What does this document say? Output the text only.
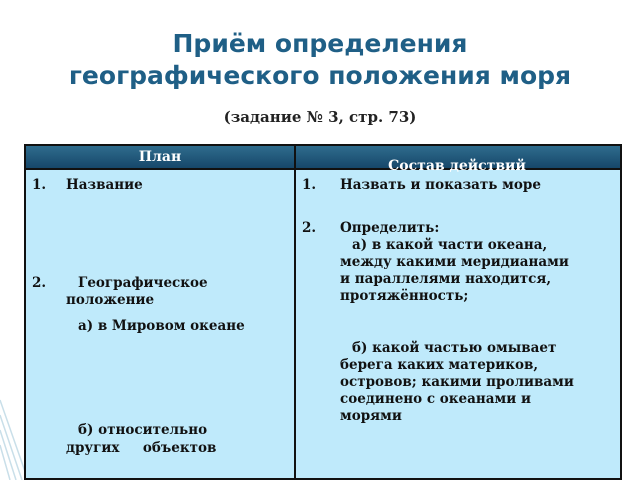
Приём определения
географического положения моря

(задание № 3, стр. 73)

План
Состав действий
1. Название
2. Географическое
положение
а) в Мировом океане
б) относительно
других     объектов
1. Назвать и показать море
2. Определить:
а) в какой части океана,
между какими меридианами
и параллелями находится,
протяжённость;
б) какой частью омывает
берега каких материков,
островов; какими проливами
соединено с океанами и
морями
